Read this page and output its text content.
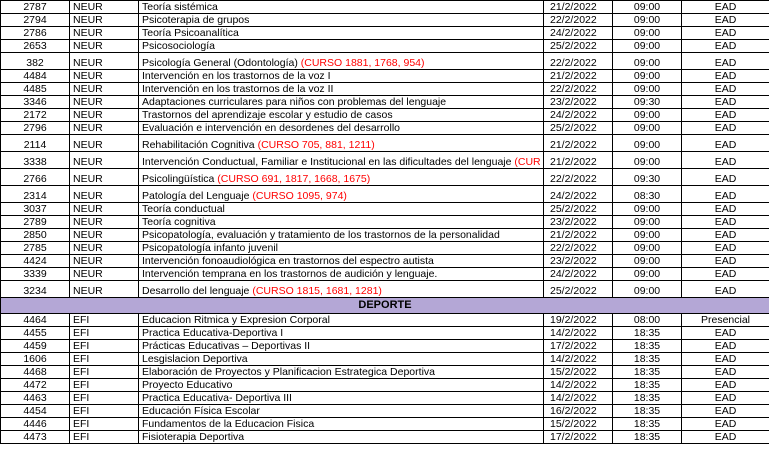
2787	NEUR	Teoría sistémica	21/2/2022	09:00	EAD
2794	NEUR	Psicoterapia de grupos	22/2/2022	09:00	EAD
2786	NEUR	Teoría Psicoanalítica	24/2/2022	09:00	EAD
2653	NEUR	Psicosociología	25/2/2022	09:00	EAD
382	NEUR	Psicología General (Odontología) (CURSO 1881, 1768, 954)	22/2/2022	09:00	EAD
4484	NEUR	Intervención en los trastornos de la voz I	21/2/2022	09:00	EAD
4485	NEUR	Intervención en los trastornos de la voz II	22/2/2022	09:00	EAD
3346	NEUR	Adaptaciones curriculares para niños con problemas del lenguaje	23/2/2022	09:30	EAD
2172	NEUR	Trastornos del aprendizaje escolar y estudio de casos	24/2/2022	09:00	EAD
2796	NEUR	Evaluación e intervención en desordenes del desarrollo	25/2/2022	09:00	EAD
2114	NEUR	Rehabilitación Cognitiva (CURSO 705, 881, 1211)	21/2/2022	09:00	EAD
3338	NEUR	Intervención Conductual, Familiar e Institucional en las dificultades del lenguaje (CUR	21/2/2022	09:00	EAD
2766	NEUR	Psicolingüística (CURSO 691, 1817, 1668, 1675)	22/2/2022	09:30	EAD
2314	NEUR	Patología del Lenguaje (CURSO 1095, 974)	24/2/2022	08:30	EAD
3037	NEUR	Teoría conductual	25/2/2022	09:00	EAD
2789	NEUR	Teoría cognitiva	23/2/2022	09:00	EAD
2850	NEUR	Psicopatología, evaluación y tratamiento de los trastornos de la personalidad	21/2/2022	09:00	EAD
2785	NEUR	Psicopatología infanto juvenil	22/2/2022	09:00	EAD
4424	NEUR	Intervención fonoaudiológica en trastornos del espectro autista	23/2/2022	09:00	EAD
3339	NEUR	Intervención temprana en los trastornos de audición y lenguaje.	24/2/2022	09:00	EAD
3234	NEUR	Desarrollo del lenguaje (CURSO 1815, 1681, 1281)	25/2/2022	09:00	EAD
DEPORTE					
4464	EFI	Educacion Ritmica y Expresion Corporal	19/2/2022	08:00	Presencial
4455	EFI	Practica Educativa-Deportiva I	14/2/2022	18:35	EAD
4459	EFI	Prácticas Educativas – Deportivas II	17/2/2022	18:35	EAD
1606	EFI	Lesgislacion Deportiva	14/2/2022	18:35	EAD
4468	EFI	Elaboración de Proyectos y Planificacion Estrategica Deportiva	15/2/2022	18:35	EAD
4472	EFI	Proyecto Educativo	14/2/2022	18:35	EAD
4463	EFI	Practica Educativa- Deportiva III	14/2/2022	18:35	EAD
4454	EFI	Educación Física Escolar	16/2/2022	18:35	EAD
4446	EFI	Fundamentos de la Educacion Fisica	15/2/2022	18:35	EAD
4473	EFI	Fisioterapia Deportiva	17/2/2022	18:35	EAD
